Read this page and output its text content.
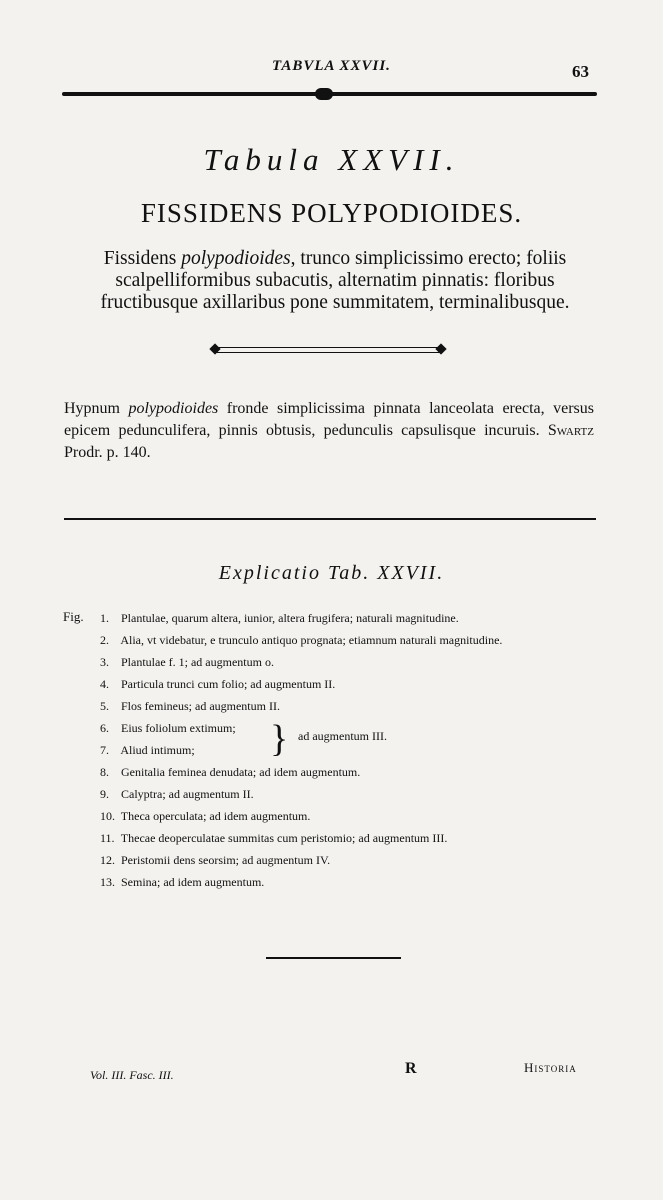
TABVLA XXVII.	63
Tabula XXVII.
FISSIDENS POLYPODIOIDES.
Fissidens polypodioides, trunco simplicissimo erecto; foliis scalpelliformibus subacutis, alternatim pinnatis: floribus fructibusque axillaribus pone summitatem, terminalibusque.
Hypnum polypodioides fronde simplicissima pinnata lanceolata erecta, versus epicem pedunculifera, pinnis obtusis, pedunculis capsulisque incuruis. Swartz Prodr. p. 140.
Explicatio Tab. XXVII.
Fig. 1. Plantulae, quarum altera, iunior, altera frugifera; naturali magnitudine.
2. Alia, vt videbatur, e trunculo antiquo prognata; etiamnum naturali magnitudine.
3. Plantulae f. 1; ad augmentum o.
4. Particula trunci cum folio; ad augmentum II.
5. Flos femineus; ad augmentum II.
6. Eius foliolum extimum;
7. Aliud intimum;
8. Genitalia feminea denudata; ad idem augmentum.
9. Calyptra; ad augmentum II.
10. Theca operculata; ad idem augmentum.
11. Thecae deoperculatae summitas cum peristomio; ad augmentum III.
12. Peristomii dens seorsim; ad augmentum IV.
13. Semina; ad idem augmentum.
} ad augmentum III.
Vol. III. Fasc. III.	R	Historia
